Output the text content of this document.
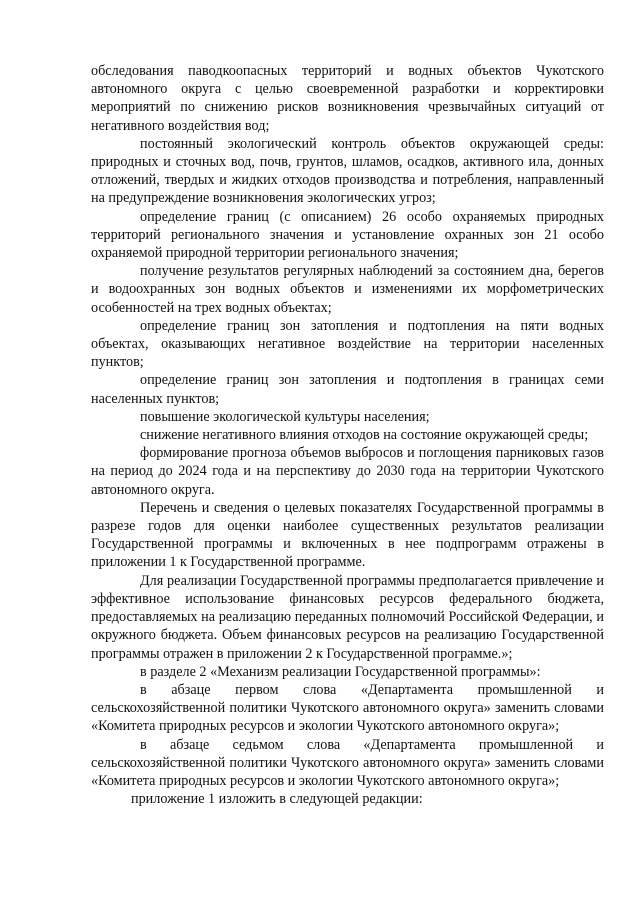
обследования паводкоопасных территорий и водных объектов Чукотского автономного округа с целью своевременной разработки и корректировки мероприятий по снижению рисков возникновения чрезвычайных ситуаций от негативного воздействия вод;

постоянный экологический контроль объектов окружающей среды: природных и сточных вод, почв, грунтов, шламов, осадков, активного ила, донных отложений, твердых и жидких отходов производства и потребления, направленный на предупреждение возникновения экологических угроз;

определение границ (с описанием) 26 особо охраняемых природных территорий регионального значения и установление охранных зон 21 особо охраняемой природной территории регионального значения;

получение результатов регулярных наблюдений за состоянием дна, берегов и водоохранных зон водных объектов и изменениями их морфометрических особенностей на трех водных объектах;

определение границ зон затопления и подтопления на пяти водных объектах, оказывающих негативное воздействие на территории населенных пунктов;

определение границ зон затопления и подтопления в границах семи населенных пунктов;

повышение экологической культуры населения;

снижение негативного влияния отходов на состояние окружающей среды;

формирование прогноза объемов выбросов и поглощения парниковых газов на период до 2024 года и на перспективу до 2030 года на территории Чукотского автономного округа.

Перечень и сведения о целевых показателях Государственной программы в разрезе годов для оценки наиболее существенных результатов реализации Государственной программы и включенных в нее подпрограмм отражены в приложении 1 к Государственной программе.

Для реализации Государственной программы предполагается привлечение и эффективное использование финансовых ресурсов федерального бюджета, предоставляемых на реализацию переданных полномочий Российской Федерации, и окружного бюджета. Объем финансовых ресурсов на реализацию Государственной программы отражен в приложении 2 к Государственной программе.»;

в разделе 2 «Механизм реализации Государственной программы»:

в абзаце первом слова «Департамента промышленной и сельскохозяйственной политики Чукотского автономного округа» заменить словами «Комитета природных ресурсов и экологии Чукотского автономного округа»;

в абзаце седьмом слова «Департамента промышленной и сельскохозяйственной политики Чукотского автономного округа» заменить словами «Комитета природных ресурсов и экологии Чукотского автономного округа»;

приложение 1 изложить в следующей редакции:
